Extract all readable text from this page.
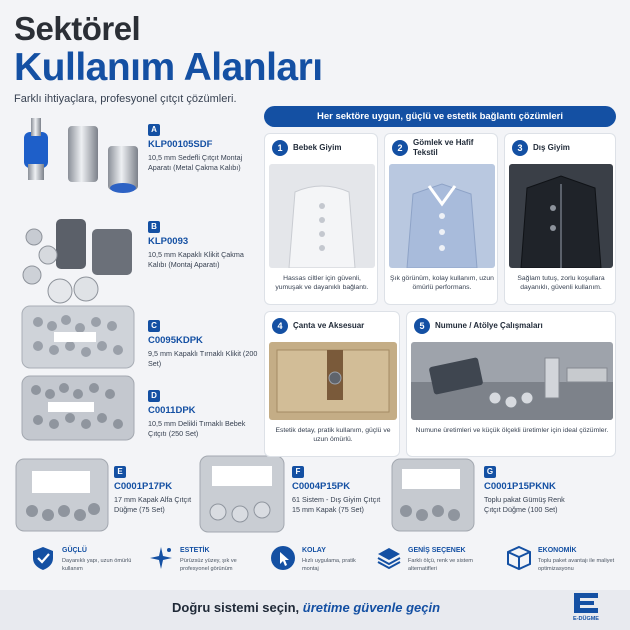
Sektörel
Kullanım Alanları
Farklı ihtiyaçlara, profesyonel çıtçıt çözümleri.
A
KLP00105SDF
10,5 mm Sedefli Çıtçıt Montaj Aparatı (Metal Çakma Kalıbı)
B
KLP0093
10,5 mm Kapaklı Klikit Çakma Kalıbı (Montaj Aparatı)
C
C0095KDPK
9,5 mm Kapaklı Tırnaklı Klikit (200 Set)
D
C0011DPK
10,5 mm Delikli Tırnaklı Bebek Çıtçıtı (250 Set)
E
C0001P17PK
17 mm Kapak Alfa Çıtçıt Düğme (75 Set)
F
C0004P15PK
61 Sistem - Dış Giyim Çıtçıt 15 mm Kapak (75 Set)
G
C0001P15PKNK
Toplu pakat Gümüş Renk Çıtçıt Düğme (100 Set)
Her sektöre uygun, güçlü ve estetik bağlantı çözümleri
1	Bebek Giyim
Hassas ciltler için güvenli, yumuşak ve dayanıklı bağlantı.
2
Gömlek ve Hafif Tekstil
Şık görünüm, kolay kullanım, uzun ömürlü performans.
3	Dış Giyim
Sağlam tutuş, zorlu koşullara dayanıklı, güvenli kullanım.
4	Çanta ve Aksesuar
Estetik detay, pratik kullanım, güçlü ve uzun ömürlü.
5	Numune / Atölye Çalışmaları
Numune üretimleri ve küçük ölçekli üretimler için ideal çözümler.
GÜÇLÜ
Dayanıklı yapı, uzun ömürlü kullanım
ESTETİK
Pürüzsüz yüzey, şık ve profesyonel görünüm
KOLAY
Hızlı uygulama, pratik montaj
GENİŞ SEÇENEK
Farklı ölçü, renk ve sistem alternatifleri
EKONOMİK
Toplu paket avantajı ile maliyet optimizasyonu
Doğru sistemi seçin, üretime güvenle geçin
E-DÜGME
